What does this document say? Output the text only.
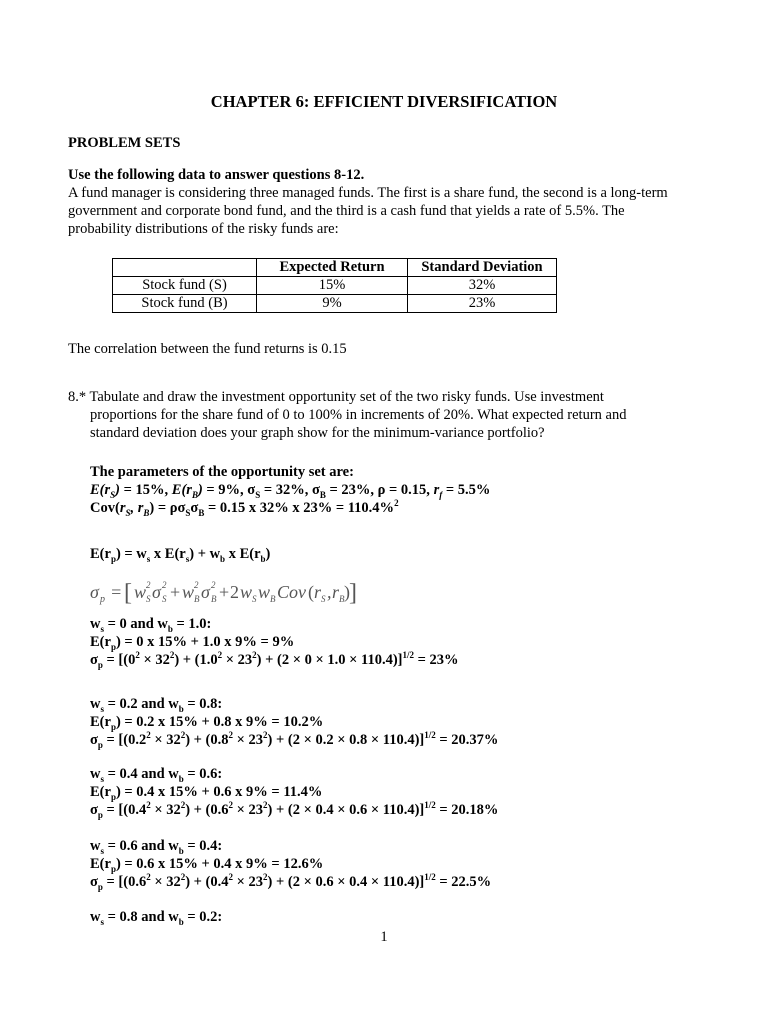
CHAPTER 6: EFFICIENT DIVERSIFICATION
PROBLEM SETS
Use the following data to answer questions 8-12.
A fund manager is considering three managed funds. The first is a share fund, the second is a long-term
government and corporate bond fund, and the third is a cash fund that yields a rate of 5.5%. The
probability distributions of the risky funds are:
	Expected Return	Standard Deviation
Stock fund (S)	15%	32%
Stock fund (B)	9%	23%
The correlation between the fund returns is 0.15
8.* Tabulate and draw the investment opportunity set of the two risky funds. Use investment
proportions for the share fund of 0 to 100% in increments of 20%. What expected return and
standard deviation does your graph show for the minimum-variance portfolio?
The parameters of the opportunity set are:
$E(r_S) = 15\%$, $E(r_B) = 9\%$, $\sigma_S = 32\%$, $\sigma_B = 23\%$, ρ = 0.15, $r_f = 5.5\%$
$Cov(r_S$, $r_B) = \rho\sigma_S\sigma_B = 0.15$ x 32% x 23% = 110.4%$^2$
$E(r_p) = w_s$ x $E(r_s) + w_b$ x $E(r_b)$
σ p = [ w 2
S σ 2
S + w 2
B σ 2
B + 2 w S w B Cov ( r S , r B ) ]
$w_s = 0$ and $w_b = 1.0$:
$E(r_p) = 0$ x 15% + 1.0 x 9% = 9%
$\sigma_p = [(0^2 \times 32^2) + (1.0^2 \times 23^2) + (2 \times 0 \times 1.0 \times 110.4)]^{1/2} = 23\%$
$w_s = 0.2$ and $w_b = 0.8$:
$E(r_p) = 0.2$ x 15% + 0.8 x 9% = 10.2%
$\sigma_p = [(0.2^2 \times 32^2) + (0.8^2 \times 23^2) + (2 \times 0.2 \times 0.8 \times 110.4)]^{1/2} = 20.37\%$
$w_s = 0.4$ and $w_b = 0.6$:
$E(r_p) = 0.4$ x 15% + 0.6 x 9% = 11.4%
$\sigma_p = [(0.4^2 \times 32^2) + (0.6^2 \times 23^2) + (2 \times 0.4 \times 0.6 \times 110.4)]^{1/2} = 20.18\%$
$w_s = 0.6$ and $w_b = 0.4$:
$E(r_p) = 0.6$ x 15% + 0.4 x 9% = 12.6%
$\sigma_p = [(0.6^2 \times 32^2) + (0.4^2 \times 23^2) + (2 \times 0.6 \times 0.4 \times 110.4)]^{1/2} = 22.5\%$
$w_s = 0.8$ and $w_b = 0.2$:
1
